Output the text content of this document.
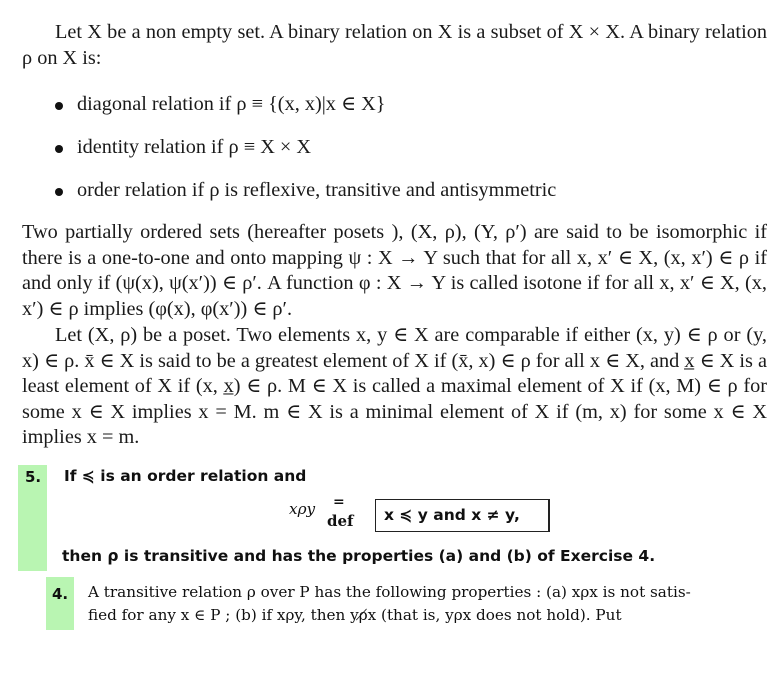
Let X be a non empty set. A binary relation on X is a subset of X × X. A binary relation ρ on X is:

diagonal relation if ρ ≡ {(x, x)|x ∈ X}
identity relation if ρ ≡ X × X
order relation if ρ is reflexive, transitive and antisymmetric

Two partially ordered sets (hereafter posets ), (X, ρ), (Y, ρ′) are said to be isomorphic if there is a one-to-one and onto mapping ψ : X → Y such that for all x, x′ ∈ X, (x, x′) ∈ ρ if and only if (ψ(x), ψ(x′)) ∈ ρ′. A function φ : X → Y is called isotone if for all x, x′ ∈ X, (x, x′) ∈ ρ implies (φ(x), φ(x′)) ∈ ρ′.

Let (X, ρ) be a poset. Two elements x, y ∈ X are comparable if either (x, y) ∈ ρ or (y, x) ∈ ρ. x̄ ∈ X is said to be a greatest element of X if (x̄, x) ∈ ρ for all x ∈ X, and x̲ ∈ X is a least element of X if (x, x̲) ∈ ρ. M ∈ X is called a maximal element of X if (x, M) ∈ ρ for some x ∈ X implies x = M. m ∈ X is a minimal element of X if (m, x) for some x ∈ X implies x = m.

5. If ≼ is an order relation and
xρy =
def x ≼ y and x ≠ y,
then ρ is transitive and has the properties (a) and (b) of Exercise 4.
4. A transitive relation ρ over P has the following properties : (a) xρx is not satis-
fied for any x ∈ P ; (b) if xρy, then yρ̸x (that is, yρx does not hold). Put
